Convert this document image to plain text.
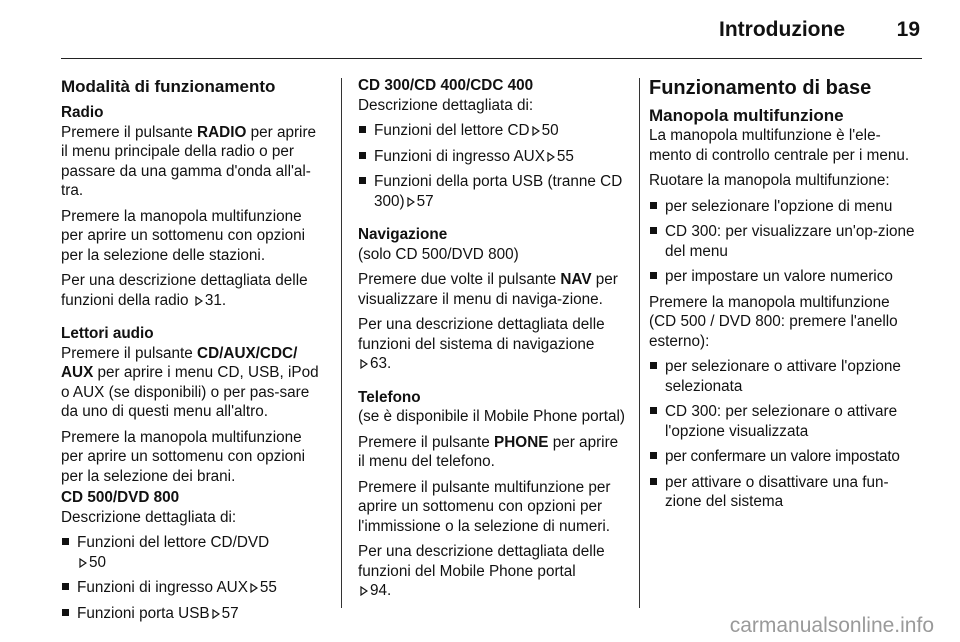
Introduzione 19
Modalità di funzionamento
Radio

Premere il pulsante RADIO per aprire il menu principale della radio o per passare da una gamma d'onda all'al-tra.

Premere la manopola multifunzione per aprire un sottomenu con opzioni per la selezione delle stazioni.

Per una descrizione dettagliata delle funzioni della radio
31.

Lettori audio

Premere il pulsante CD/AUX/CDC/ AUX per aprire i menu CD, USB, iPod o AUX (se disponibili) o per pas-sare da uno di questi menu all'altro.

Premere la manopola multifunzione per aprire un sottomenu con opzioni per la selezione dei brani.

CD 500/DVD 800

Descrizione dettagliata di:

Funzioni del lettore CD/DVD

50
Funzioni di ingresso AUX 55
Funzioni porta USB 57
CD 300/CD 400/CDC 400

Descrizione dettagliata di:

Funzioni del lettore CD 50
Funzioni di ingresso AUX 55
Funzioni della porta USB (tranne CD 300) 57
Navigazione

(solo CD 500/DVD 800)

Premere due volte il pulsante NAV per visualizzare il menu di naviga-zione.

Per una descrizione dettagliata delle funzioni del sistema di navigazione

63.

Telefono

(se è disponibile il Mobile Phone portal)

Premere il pulsante PHONE per aprire il menu del telefono.

Premere il pulsante multifunzione per aprire un sottomenu con opzioni per l'immissione o la selezione di numeri.

Per una descrizione dettagliata delle funzioni del Mobile Phone portal

94.

Funzionamento di base
Manopola multifunzione

La manopola multifunzione è l'ele-mento di controllo centrale per i menu.

Ruotare la manopola multifunzione:

per selezionare l'opzione di menu
CD 300: per visualizzare un'op-zione del menu
per impostare un valore numerico

Premere la manopola multifunzione (CD 500 / DVD 800: premere l'anello esterno):

per selezionare o attivare l'opzione selezionata
CD 300: per selezionare o attivare l'opzione visualizzata
per confermare un valore impostato
per attivare o disattivare una fun-zione del sistema
carmanualsonline.info
